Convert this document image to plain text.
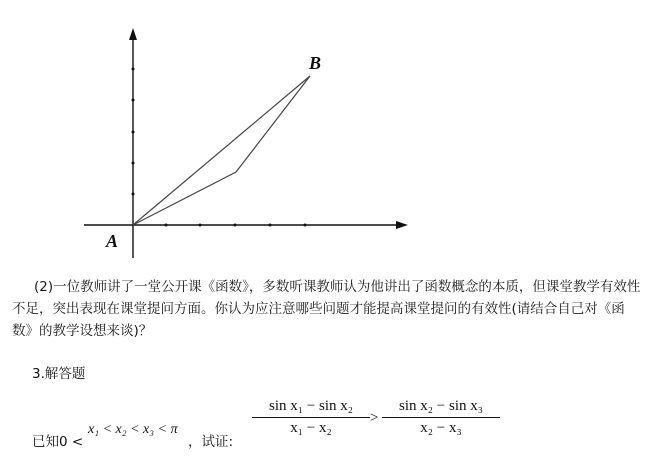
A
B
(2)一位教师讲了一堂公开课《函数》，多数听课教师认为他讲出了函数概念的本质，但课堂教学有效性不足，突出表现在课堂提问方面。你认为应注意哪些问题才能提高课堂提问的有效性(请结合自己对《函数》的教学设想来谈)？
3.解答题
已知0 <
x₁ < x₂ < x₃ < π
，试证:
sin x₁ − sin x₂
x₁ − x₂
>
sin x₂ − sin x₃
x₂ − x₃
